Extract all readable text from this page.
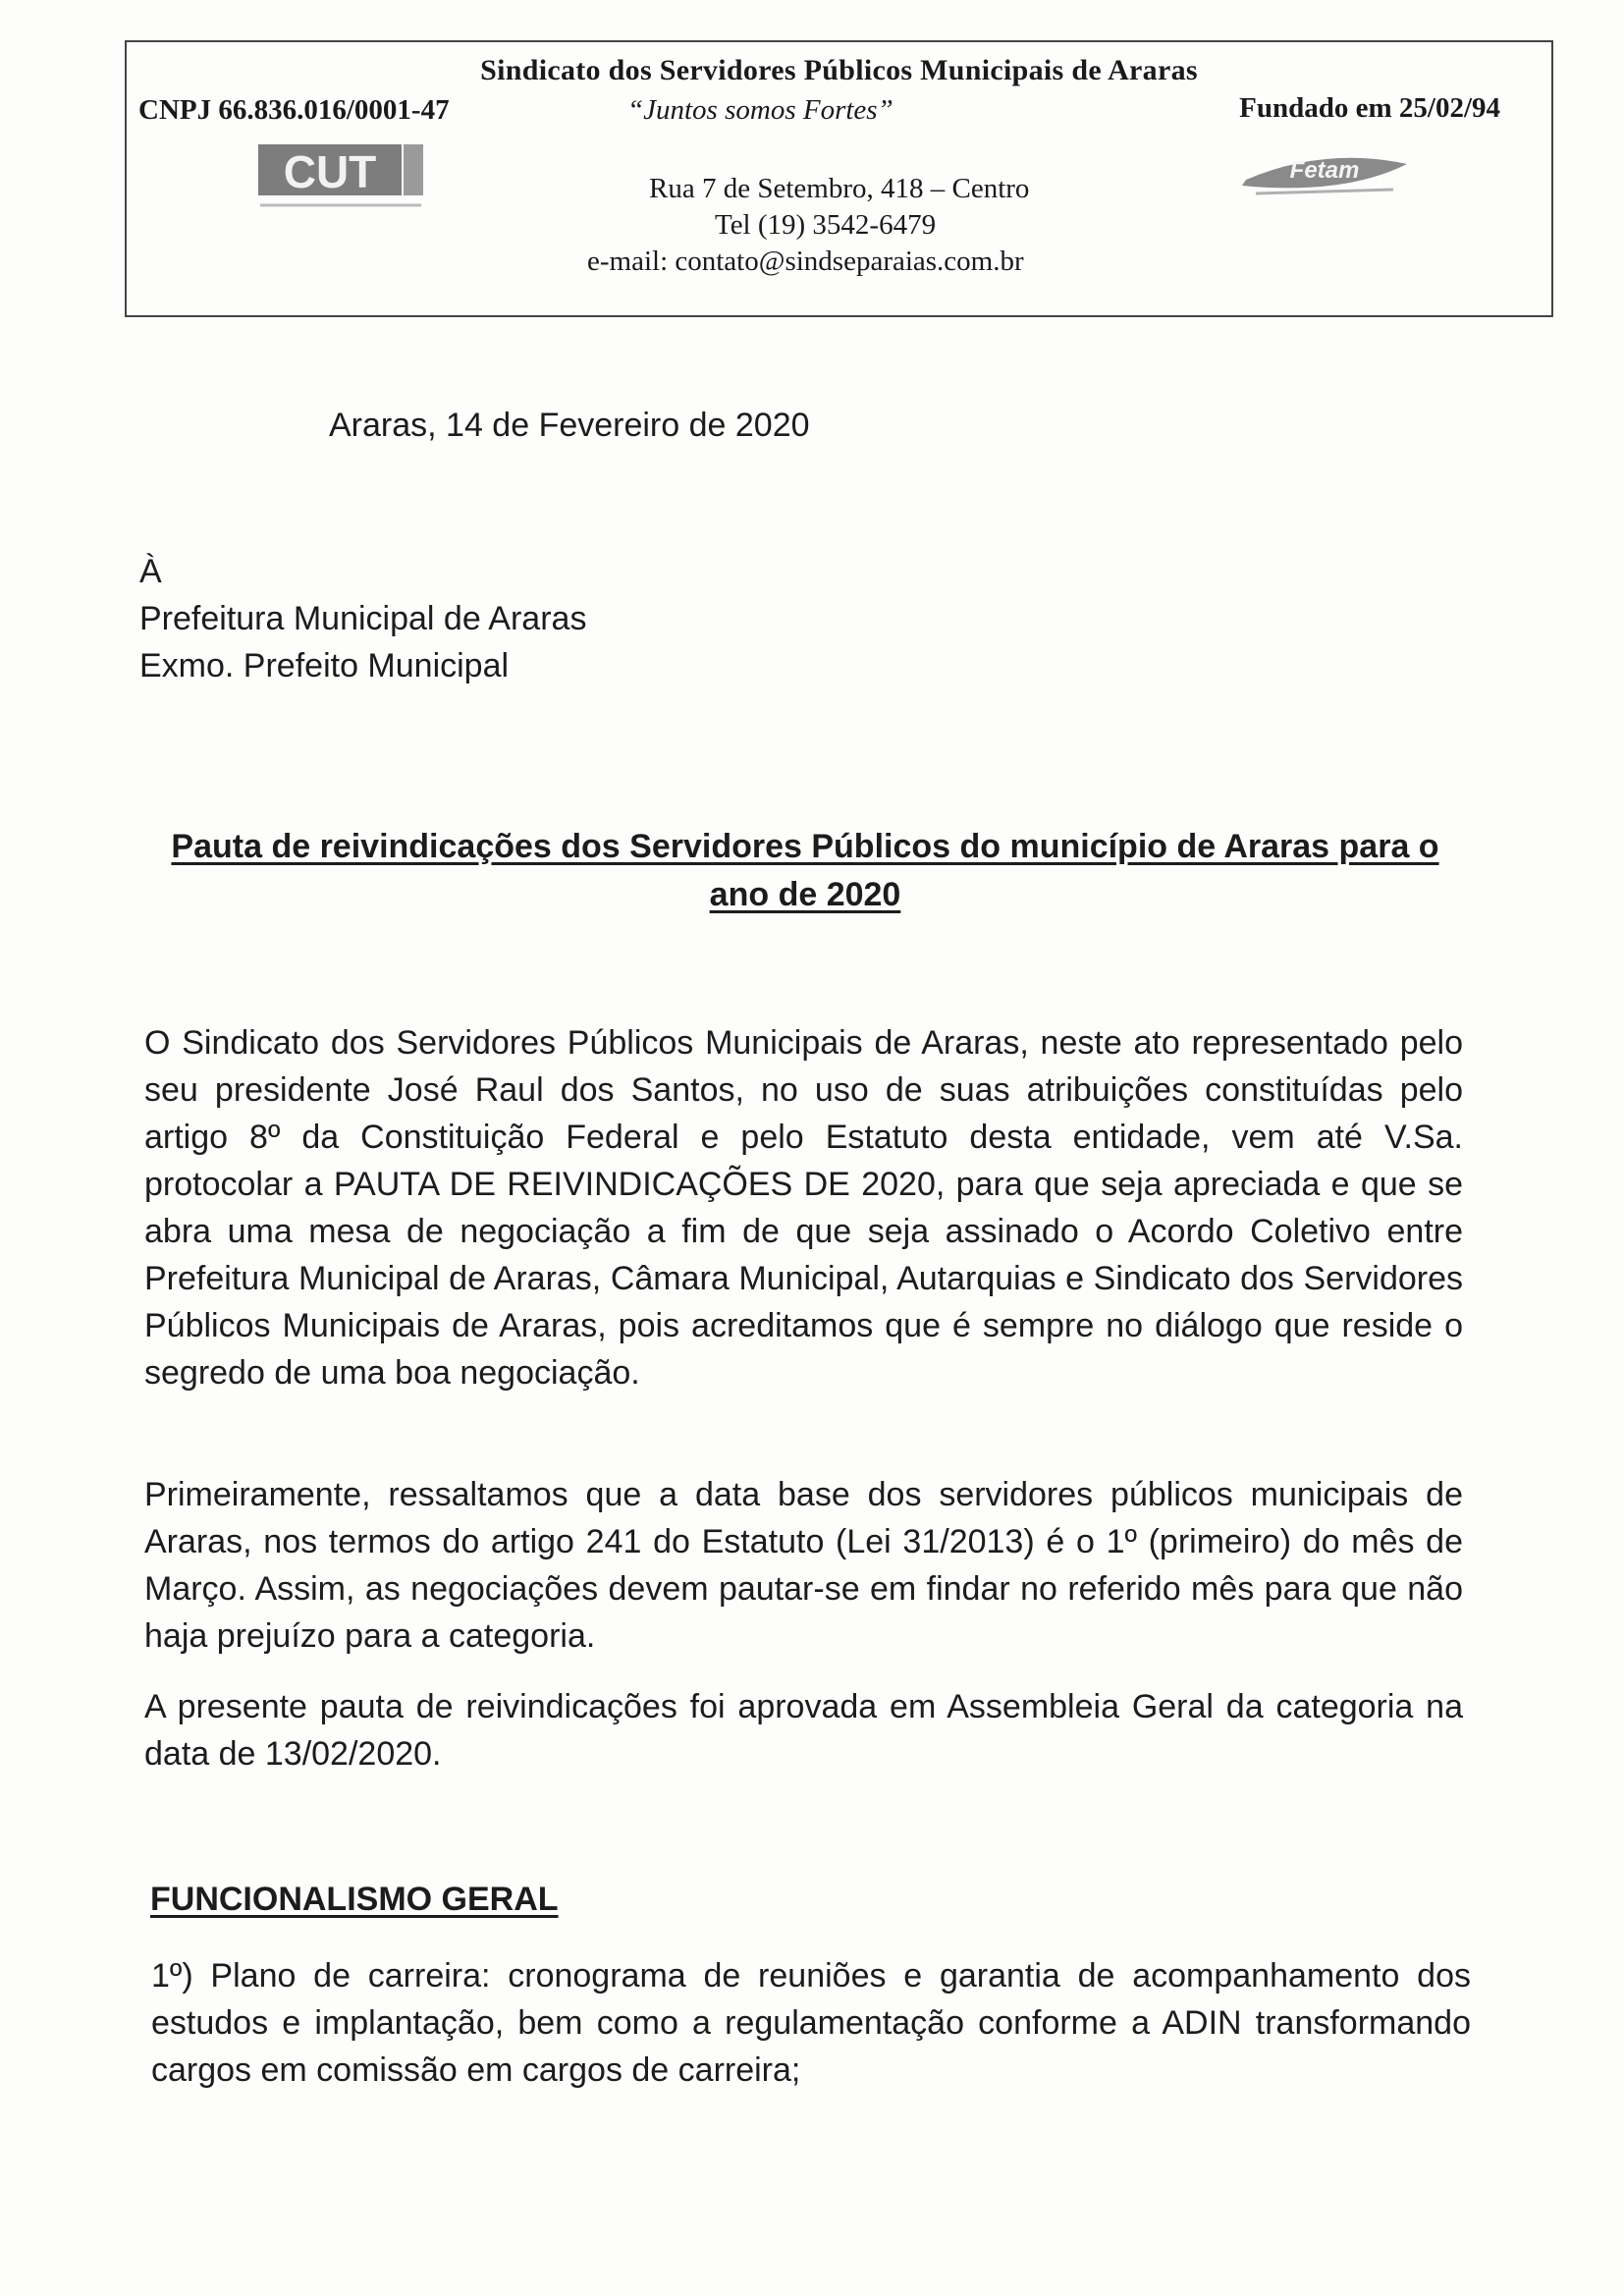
Sindicato dos Servidores Públicos Municipais de Araras
CNPJ 66.836.016/0001-47	“Juntos somos Fortes”	Fundado em 25/02/94
CUT	Fetam
Rua 7 de Setembro, 418 – Centro
Tel (19) 3542-6479
e-mail: contato@sindseparaias.com.br
Araras, 14 de Fevereiro de 2020
À
Prefeitura Municipal de Araras
Exmo. Prefeito Municipal
Pauta de reivindicações dos Servidores Públicos do município de Araras para o ano de 2020
O Sindicato dos Servidores Públicos Municipais de Araras, neste ato representado pelo seu presidente José Raul dos Santos, no uso de suas atribuições constituídas pelo artigo 8º da Constituição Federal e pelo Estatuto desta entidade, vem até V.Sa. protocolar a PAUTA DE REIVINDICAÇÕES DE 2020, para que seja apreciada e que se abra uma mesa de negociação a fim de que seja assinado o Acordo Coletivo entre Prefeitura Municipal de Araras, Câmara Municipal, Autarquias e Sindicato dos Servidores Públicos Municipais de Araras, pois acreditamos que é sempre no diálogo que reside o segredo de uma boa negociação.
Primeiramente, ressaltamos que a data base dos servidores públicos municipais de Araras, nos termos do artigo 241 do Estatuto (Lei 31/2013) é o 1º (primeiro) do mês de Março. Assim, as negociações devem pautar-se em findar no referido mês para que não haja prejuízo para a categoria.
A presente pauta de reivindicações foi aprovada em Assembleia Geral da categoria na data de 13/02/2020.
FUNCIONALISMO GERAL
1º) Plano de carreira: cronograma de reuniões e garantia de acompanhamento dos estudos e implantação, bem como a regulamentação conforme a ADIN transformando cargos em comissão em cargos de carreira;
